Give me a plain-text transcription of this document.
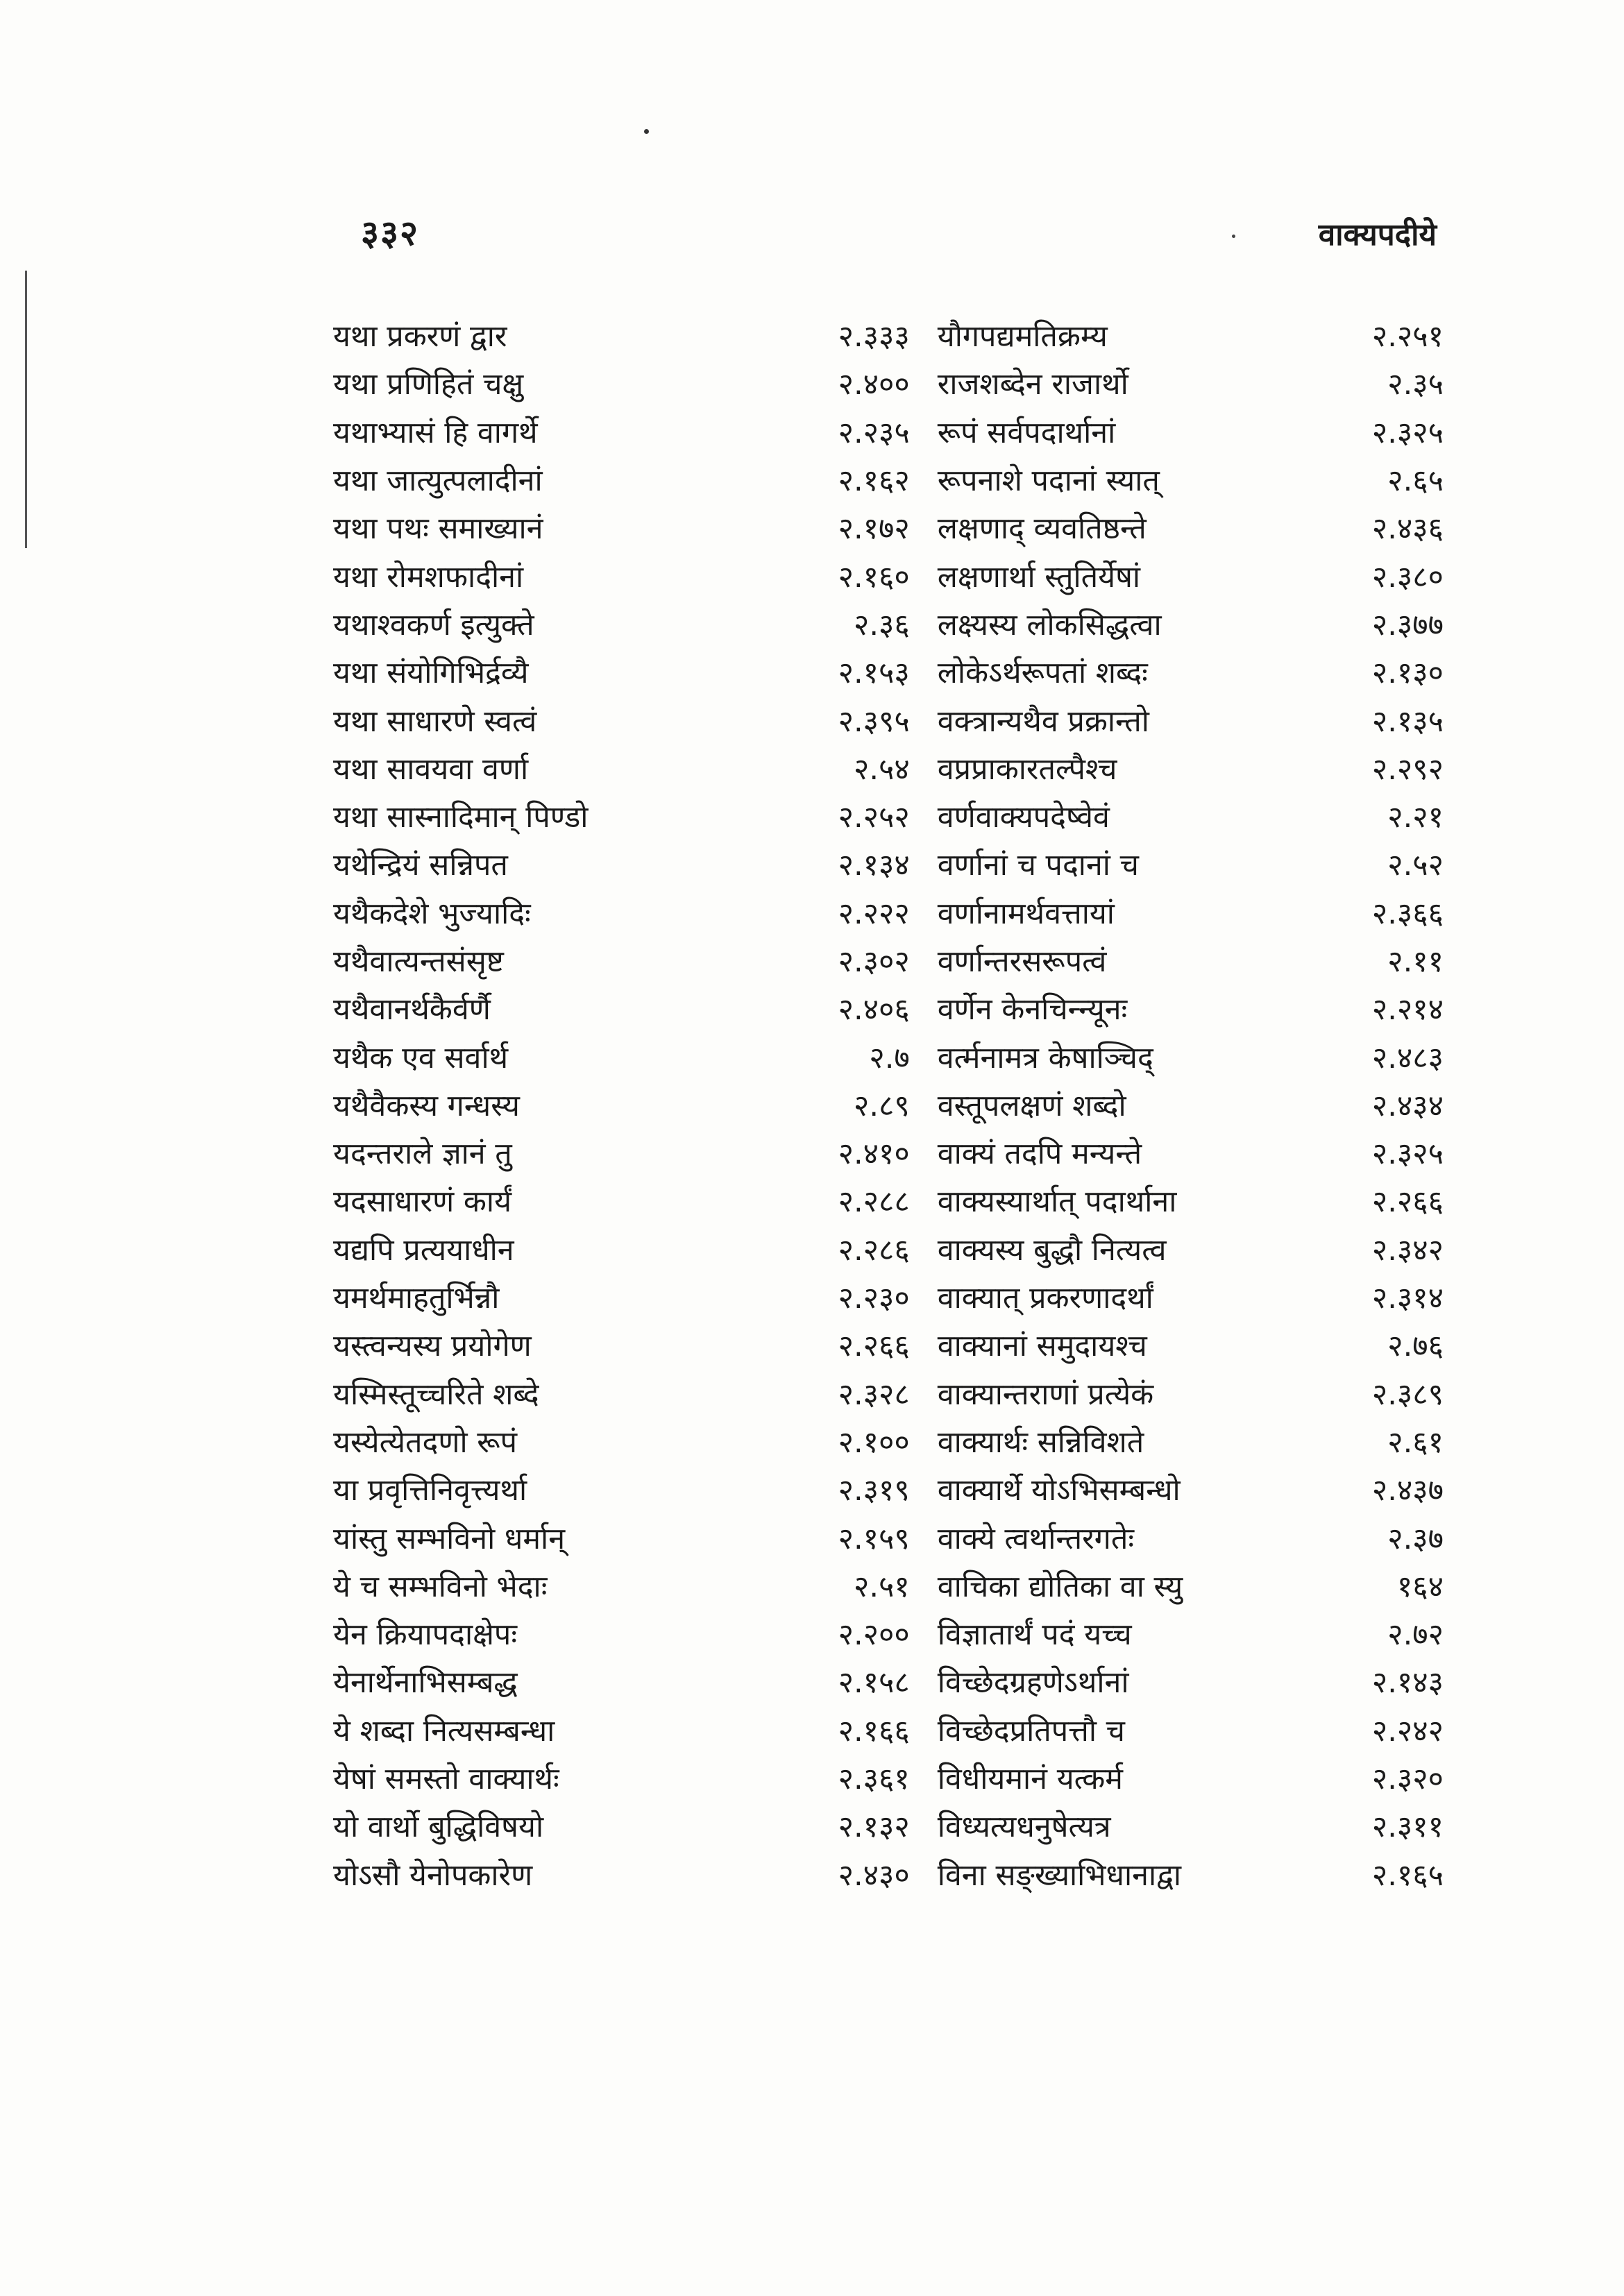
३३२	वाक्यपदीये
यथा प्रकरणं द्वार	२.३३३ यौगपद्यमतिक्रम्य	२.२५१
यथा प्रणिहितं चक्षु	२.४०० राजशब्देन राजार्थो	२.३५
यथाभ्यासं हि वागर्थे	२.२३५ रूपं सर्वपदार्थानां	२.३२५
यथा जात्युत्पलादीनां	२.१६२ रूपनाशे पदानां स्यात्	२.६५
यथा पथः समाख्यानं	२.१७२ लक्षणाद् व्यवतिष्ठन्ते	२.४३६
यथा रोमशफादीनां	२.१६० लक्षणार्था स्तुतिर्येषां	२.३८०
यथाश्वकर्ण इत्युक्ते	२.३६ लक्ष्यस्य लोकसिद्धत्वा	२.३७७
यथा संयोगिभिर्द्रव्यै	२.१५३ लोकेऽर्थरूपतां शब्दः	२.१३०
यथा साधारणे स्वत्वं	२.३९५ वक्त्रान्यथैव प्रक्रान्तो	२.१३५
यथा सावयवा वर्णा	२.५४ वप्रप्राकारतल्पैश्च	२.२९२
यथा सास्नादिमान् पिण्डो	२.२५२ वर्णवाक्यपदेष्वेवं	२.२१
यथेन्द्रियं सन्निपत	२.१३४ वर्णानां च पदानां च	२.५२
यथैकदेशे भुज्यादिः	२.२२२ वर्णानामर्थवत्तायां	२.३६६
यथैवात्यन्तसंसृष्ट	२.३०२ वर्णान्तरसरूपत्वं	२.११
यथैवानर्थकैर्वर्णै	२.४०६ वर्णेन केनचिन्न्यूनः	२.२१४
यथैक एव सर्वार्थ	२.७ वर्त्मनामत्र केषाञ्चिद्	२.४८३
यथैवैकस्य गन्धस्य	२.८९ वस्तूपलक्षणं शब्दो	२.४३४
यदन्तराले ज्ञानं तु	२.४१० वाक्यं तदपि मन्यन्ते	२.३२५
यदसाधारणं कार्यं	२.२८८ वाक्यस्यार्थात् पदार्थाना	२.२६६
यद्यपि प्रत्ययाधीन	२.२८६ वाक्यस्य बुद्धौ नित्यत्व	२.३४२
यमर्थमाहतुर्भिन्नौ	२.२३० वाक्यात् प्रकरणादर्थां	२.३१४
यस्त्वन्यस्य प्रयोगेण	२.२६६ वाक्यानां समुदायश्च	२.७६
यस्मिस्तूच्चरिते शब्दे	२.३२८ वाक्यान्तराणां प्रत्येकं	२.३८९
यस्येत्येतदणो रूपं	२.१०० वाक्यार्थः सन्निविशते	२.६१
या प्रवृत्तिनिवृत्त्यर्था	२.३१९ वाक्यार्थे योऽभिसम्बन्धो	२.४३७
यांस्तु सम्भविनो धर्मान्	२.१५९ वाक्ये त्वर्थान्तरगतेः	२.३७
ये च सम्भविनो भेदाः	२.५१ वाचिका द्योतिका वा स्यु	१६४
येन क्रियापदाक्षेपः	२.२०० विज्ञातार्थं पदं यच्च	२.७२
येनार्थेनाभिसम्बद्ध	२.१५८ विच्छेदग्रहणेऽर्थानां	२.१४३
ये शब्दा नित्यसम्बन्धा	२.१६६ विच्छेदप्रतिपत्तौ च	२.२४२
येषां समस्तो वाक्यार्थः	२.३६१ विधीयमानं यत्कर्म	२.३२०
यो वार्थो बुद्धिविषयो	२.१३२ विध्यत्यधनुषेत्यत्र	२.३११
योऽसौ येनोपकारेण	२.४३० विना सङ्ख्याभिधानाद्वा	२.१६५
